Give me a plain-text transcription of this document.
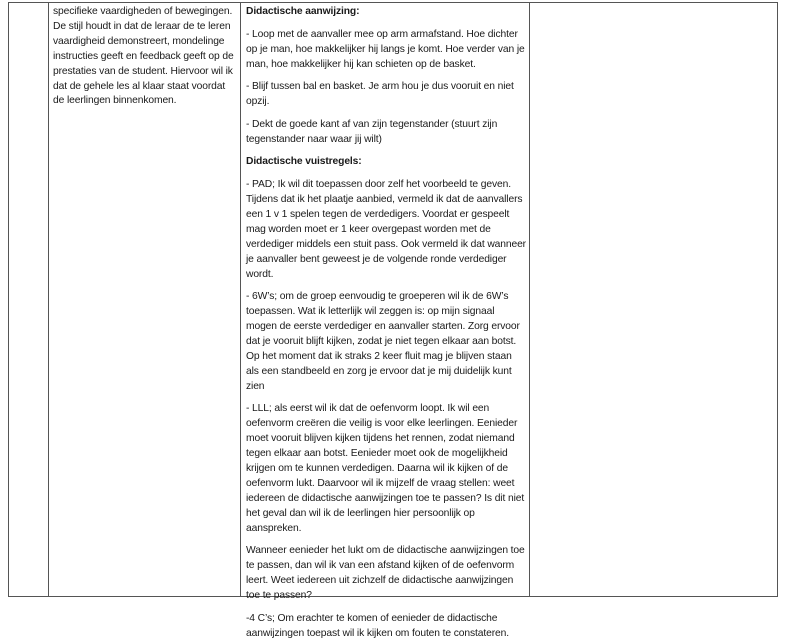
specifieke vaardigheden of bewegingen. De stijl houdt in dat de leraar de te leren vaardigheid demonstreert, mondelinge instructies geeft en feedback geeft op de prestaties van de student. Hiervoor wil ik dat de gehele les al klaar staat voordat de leerlingen binnenkomen.

Didactische aanwijzing:

- Loop met de aanvaller mee op arm armafstand. Hoe dichter op je man, hoe makkelijker hij langs je komt. Hoe verder van je man, hoe makkelijker hij kan schieten op de basket.

- Blijf tussen bal en basket. Je arm hou je dus vooruit en niet opzij.

- Dekt de goede kant af van zijn tegenstander (stuurt zijn tegenstander naar waar jij wilt)

Didactische vuistregels:

- PAD; Ik wil dit toepassen door zelf het voorbeeld te geven. Tijdens dat ik het plaatje aanbied, vermeld ik dat de aanvallers een 1 v 1 spelen tegen de verdedigers. Voordat er gespeelt mag worden moet er 1 keer overgepast worden met de verdediger middels een stuit pass. Ook vermeld ik dat wanneer je aanvaller bent geweest je de volgende ronde verdediger wordt.

- 6W’s; om de groep eenvoudig te groeperen wil ik de 6W’s toepassen. Wat ik letterlijk wil zeggen is: op mijn signaal mogen de eerste verdediger en aanvaller starten. Zorg ervoor dat je vooruit blijft kijken, zodat je niet tegen elkaar aan botst. Op het moment dat ik straks 2 keer fluit mag je blijven staan als een standbeeld en zorg je ervoor dat je mij duidelijk kunt zien

- LLL; als eerst wil ik dat de oefenvorm loopt. Ik wil een oefenvorm creëren die veilig is voor elke leerlingen. Eenieder moet vooruit blijven kijken tijdens het rennen, zodat niemand tegen elkaar aan botst. Eenieder moet ook de mogelijkheid krijgen om te kunnen verdedigen. Daarna wil ik kijken of de oefenvorm lukt. Daarvoor wil ik mijzelf de vraag stellen: weet iedereen de didactische aanwijzingen toe te passen? Is dit niet het geval dan wil ik de leerlingen hier persoonlijk op aanspreken.

Wanneer eenieder het lukt om de didactische aanwijzingen toe te passen, dan wil ik van een afstand kijken of de oefenvorm leert. Weet iedereen uit zichzelf de didactische aanwijzingen toe te passen?

-4 C’s; Om erachter te komen of eenieder de didactische aanwijzingen toepast wil ik kijken om fouten te constateren.
